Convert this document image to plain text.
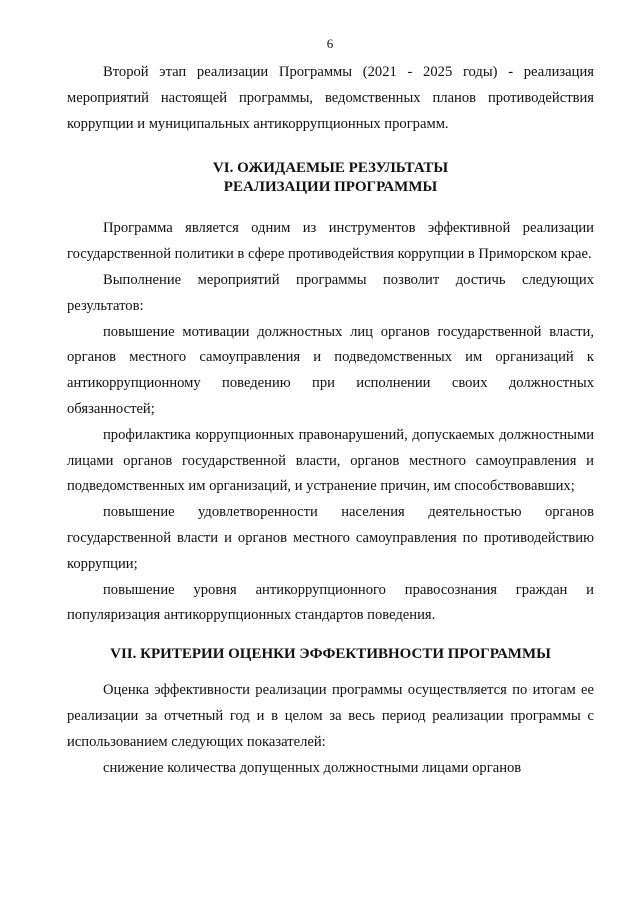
6

Второй этап реализации Программы (2021 - 2025 годы) - реализация мероприятий настоящей программы, ведомственных планов противодействия коррупции и муниципальных антикоррупционных программ.

VI. ОЖИДАЕМЫЕ РЕЗУЛЬТАТЫ
РЕАЛИЗАЦИИ ПРОГРАММЫ

Программа является одним из инструментов эффективной реализации государственной политики в сфере противодействия коррупции в Приморском крае.

Выполнение мероприятий программы позволит достичь следующих результатов:

повышение мотивации должностных лиц органов государственной власти, органов местного самоуправления и подведомственных им организаций к антикоррупционному поведению при исполнении своих должностных обязанностей;

профилактика коррупционных правонарушений, допускаемых должностными лицами органов государственной власти, органов местного самоуправления и подведомственных им организаций, и устранение причин, им способствовавших;

повышение удовлетворенности населения деятельностью органов государственной власти и органов местного самоуправления по противодействию коррупции;

повышение уровня антикоррупционного правосознания граждан и популяризация антикоррупционных стандартов поведения.

VII. КРИТЕРИИ ОЦЕНКИ ЭФФЕКТИВНОСТИ ПРОГРАММЫ

Оценка эффективности реализации программы осуществляется по итогам ее реализации за отчетный год и в целом за весь период реализации программы с использованием следующих показателей:

снижение количества допущенных должностными лицами органов
